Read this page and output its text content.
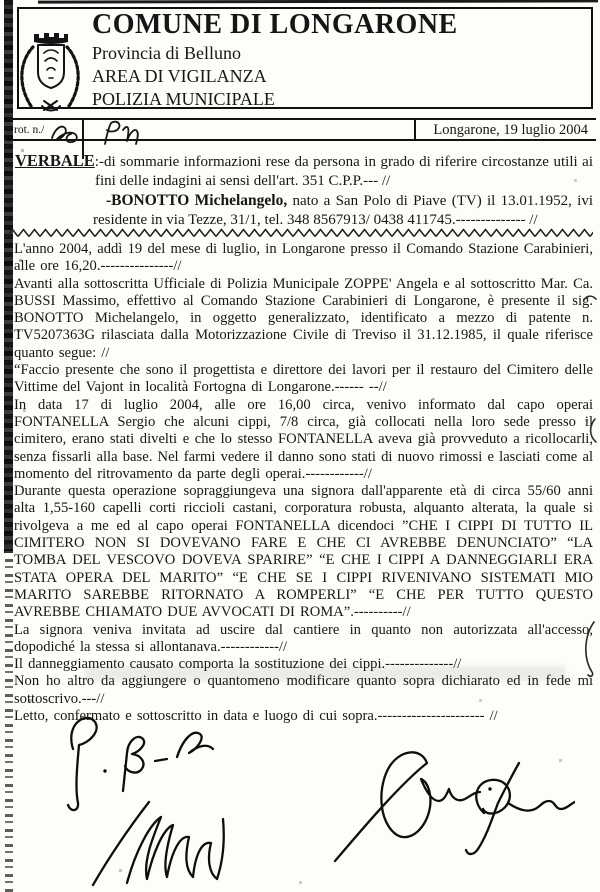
COMUNE DI LONGARONE
Provincia di Belluno
AREA DI VIGILANZA
POLIZIA MUNICIPALE
rot. n./	Longarone, 19 luglio 2004

VERBALE:-di sommarie informazioni rese da persona in grado di riferire circostanze utili ai fini delle indagini ai sensi dell'art. 351 C.P.P.--- //

-BONOTTO Michelangelo, nato a San Polo di Piave (TV) il 13.01.1952, ivi residente in via Tezze, 31/1, tel. 348 8567913/ 0438 411745.-------------- //

L'anno 2004, addì 19 del mese di luglio, in Longarone presso il Comando Stazione Carabinieri, alle ore 16,20.---------------//

Avanti alla sottoscritta Ufficiale di Polizia Municipale ZOPPE' Angela e al sottoscritto Mar. Ca. BUSSI Massimo, effettivo al Comando Stazione Carabinieri di Longarone, è presente il sig. BONOTTO Michelangelo, in oggetto generalizzato, identificato a mezzo di patente n. TV5207363G rilasciata dalla Motorizzazione Civile di Treviso il 31.12.1985, il quale riferisce quanto segue: //

“Faccio presente che sono il progettista e direttore dei lavori per il restauro del Cimitero delle Vittime del Vajont in località Fortogna di Longarone.------ --//

In data 17 di luglio 2004, alle ore 16,00 circa, venivo informato dal capo operai FONTANELLA Sergio che alcuni cippi, 7/8 circa, già collocati nella loro sede presso il cimitero, erano stati divelti e che lo stesso FONTANELLA aveva già provveduto a ricollocarli, senza fissarli alla base. Nel farmi vedere il danno sono stati di nuovo rimossi e lasciati come al momento del ritrovamento da parte degli operai.------------//

Durante questa operazione sopraggiungeva una signora dall'apparente età di circa 55/60 anni alta 1,55-160 capelli corti riccioli castani, corporatura robusta, alquanto alterata, la quale si rivolgeva a me ed al capo operai FONTANELLA dicendoci ”CHE I CIPPI DI TUTTO IL CIMITERO NON SI DOVEVANO FARE E CHE CI AVREBBE DENUNCIATO” “LA TOMBA DEL VESCOVO DOVEVA SPARIRE” “E CHE I CIPPI A DANNEGGIARLI ERA STATA OPERA DEL MARITO” “E CHE SE I CIPPI RIVENIVANO SISTEMATI MIO MARITO SAREBBE RITORNATO A ROMPERLI” “E CHE PER TUTTO QUESTO AVREBBE CHIAMATO DUE AVVOCATI DI ROMA”.----------//

La signora veniva invitata ad uscire dal cantiere in quanto non autorizzata all'accesso, dopodiché la stessa si allontanava.------------//

Il danneggiamento causato comporta la sostituzione dei cippi.--------------//

Non ho altro da aggiungere o quantomeno modificare quanto sopra dichiarato ed in fede mi sottoscrivo.---//

Letto, confermato e sottoscritto in data e luogo di cui sopra.---------------------- //
